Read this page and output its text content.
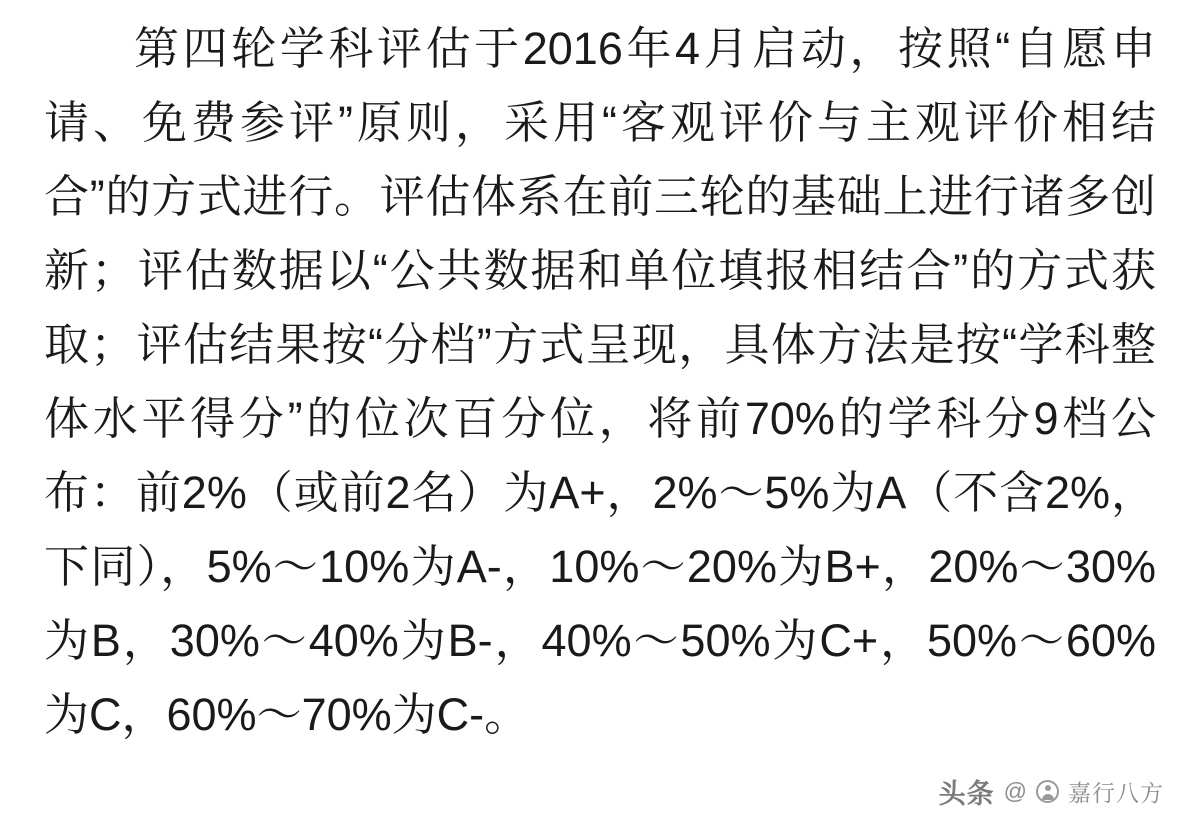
第四轮学科评估于2016年4月启动，按照“自愿申请、免费参评”原则，采用“客观评价与主观评价相结合”的方式进行。评估体系在前三轮的基础上进行诸多创新；评估数据以“公共数据和单位填报相结合”的方式获取；评估结果按“分档”方式呈现，具体方法是按“学科整体水平得分”的位次百分位，将前70%的学科分9档公布：前2%（或前2名）为A+，2%～5%为A（不含2%，下同），5%～10%为A-，10%～20%为B+，20%～30%为B，30%～40%为B-，40%～50%为C+，50%～60%为C，60%～70%为C-。

头条 @ 嘉行八方
